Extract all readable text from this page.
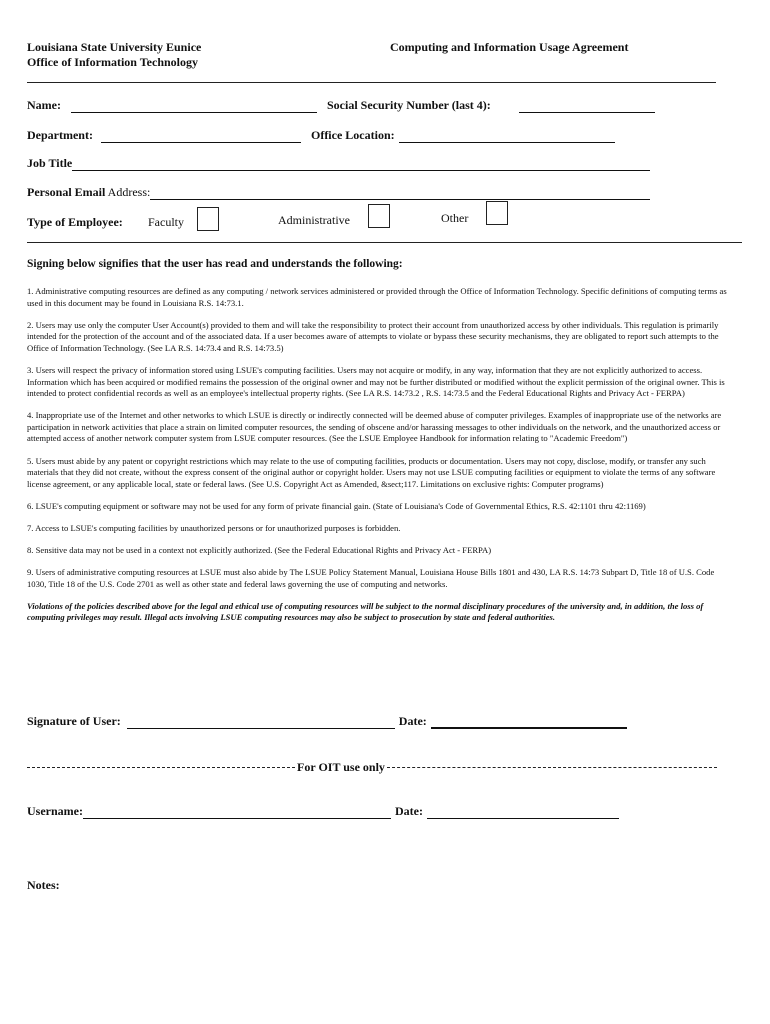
Louisiana State University Eunice
Office of Information Technology
Computing and Information Usage Agreement
Name:	Social Security Number (last 4):
Department:	Office Location:
Job Title
Personal Email Address:
Type of Employee: Faculty	Administrative	Other
Signing below signifies that the user has read and understands the following:

1. Administrative computing resources are defined as any computing / network services administered or provided through the Office of Information Technology. Specific definitions of computing terms as used in this document may be found in Louisiana R.S. 14:73.1.

2. Users may use only the computer User Account(s) provided to them and will take the responsibility to protect their account from unauthorized access by other individuals. This regulation is primarily intended for the protection of the account and of the associated data. If a user becomes aware of attempts to violate or bypass these security mechanisms, they are obligated to report such attempts to the Office of Information Technology. (See LA R.S. 14:73.4 and R.S. 14:73.5)

3. Users will respect the privacy of information stored using LSUE's computing facilities. Users may not acquire or modify, in any way, information that they are not explicitly authorized to access. Information which has been acquired or modified remains the possession of the original owner and may not be further distributed or modified without the explicit permission of the original owner. This is intended to protect confidential records as well as an employee's intellectual property rights. (See LA R.S. 14:73.2 , R.S. 14:73.5 and the Federal Educational Rights and Privacy Act - FERPA)

4. Inappropriate use of the Internet and other networks to which LSUE is directly or indirectly connected will be deemed abuse of computer privileges. Examples of inappropriate use of the networks are participation in network activities that place a strain on limited computer resources, the sending of obscene and/or harassing messages to other individuals on the network, and the unauthorized access or attempted access of another network computer system from LSUE computer resources. (See the LSUE Employee Handbook for information relating to "Academic Freedom")

5. Users must abide by any patent or copyright restrictions which may relate to the use of computing facilities, products or documentation. Users may not copy, disclose, modify, or transfer any such materials that they did not create, without the express consent of the original author or copyright holder. Users may not use LSUE computing facilities or equipment to violate the terms of any software license agreement, or any applicable local, state or federal laws. (See U.S. Copyright Act as Amended, &sect;117. Limitations on exclusive rights: Computer programs)

6. LSUE's computing equipment or software may not be used for any form of private financial gain. (State of Louisiana's Code of Governmental Ethics, R.S. 42:1101 thru 42:1169)

7. Access to LSUE's computing facilities by unauthorized persons or for unauthorized purposes is forbidden.

8. Sensitive data may not be used in a context not explicitly authorized. (See the Federal Educational Rights and Privacy Act - FERPA)

9. Users of administrative computing resources at LSUE must also abide by The LSUE Policy Statement Manual, Louisiana House Bills 1801 and 430, LA R.S. 14:73 Subpart D, Title 18 of U.S. Code 1030, Title 18 of the U.S. Code 2701 as well as other state and federal laws governing the use of computing and networks.

Violations of the policies described above for the legal and ethical use of computing resources will be subject to the normal disciplinary procedures of the university and, in addition, the loss of computing privileges may result. Illegal acts involving LSUE computing resources may also be subject to prosecution by state and federal authorities.

Signature of User:	Date:
For OIT use only
Username:	Date:
Notes:
